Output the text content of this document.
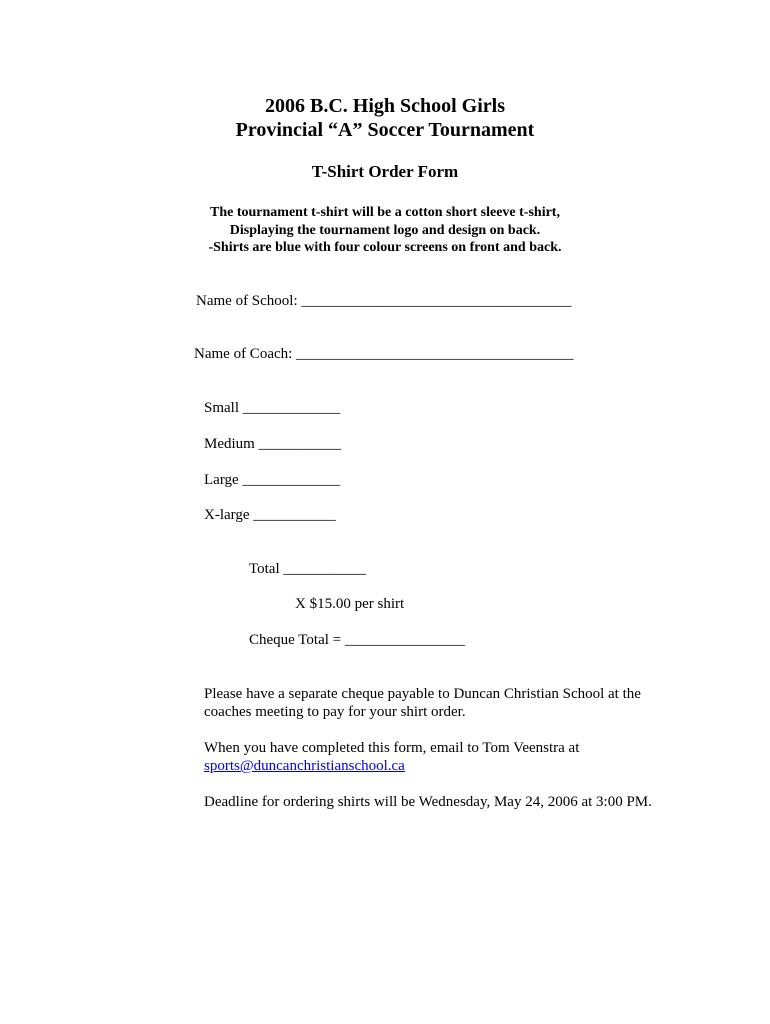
2006 B.C. High School Girls
Provincial “A” Soccer Tournament
T-Shirt Order Form
The tournament t-shirt will be a cotton short sleeve t-shirt,
Displaying the tournament logo and design on back.
-Shirts are blue with four colour screens on front and back.
Name of School: ____________________________________
Name of Coach: _____________________________________
Small _____________
Medium ___________
Large _____________
X-large ___________
Total ___________
X $15.00 per shirt
Cheque Total = ________________
Please have a separate cheque payable to Duncan Christian School at the coaches meeting to pay for your shirt order.
When you have completed this form, email to Tom Veenstra at
sports@duncanchristianschool.ca
Deadline for ordering shirts will be Wednesday, May 24, 2006 at 3:00 PM.
